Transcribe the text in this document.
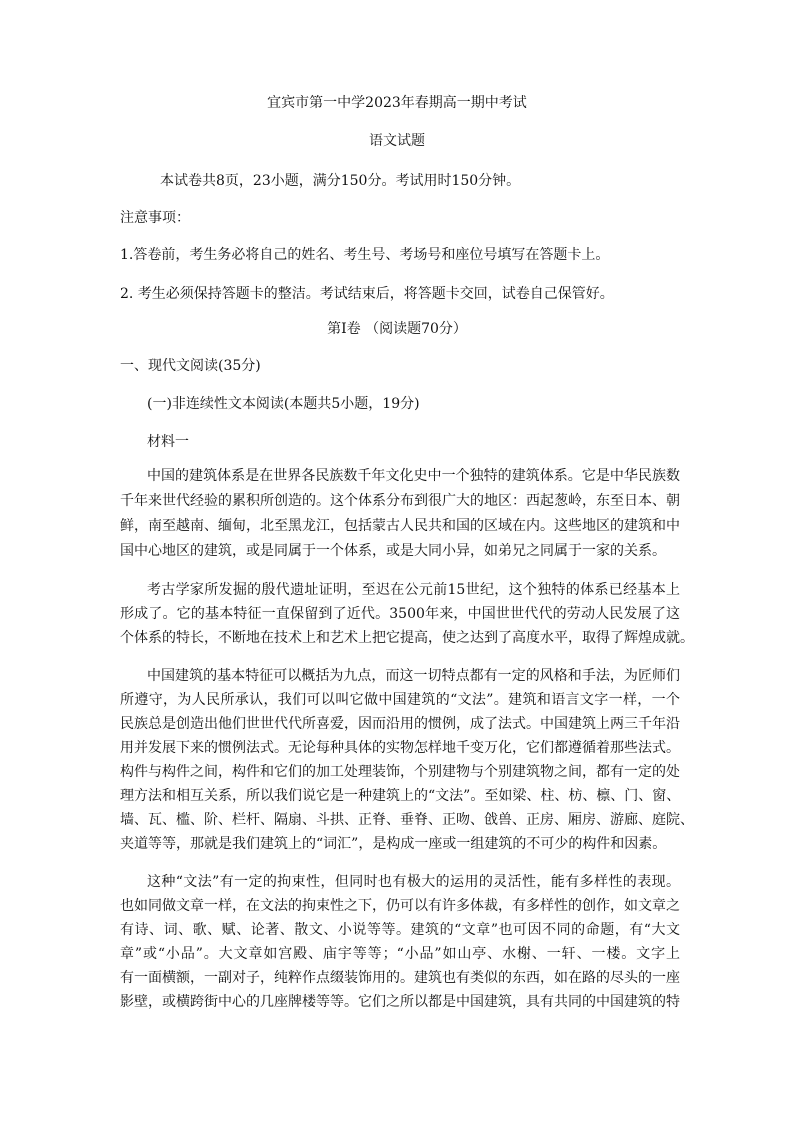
宜宾市第一中学2023年春期高一期中考试
语文试题
本试卷共8页，23小题，满分150分。考试用时150分钟。
注意事项：
1.答卷前，考生务必将自己的姓名、考生号、考场号和座位号填写在答题卡上。
2. 考生必须保持答题卡的整洁。考试结束后，将答题卡交回，试卷自己保管好。
第Ⅰ卷 （阅读题70分）
一、现代文阅读(35分)
(一)非连续性文本阅读(本题共5小题，19分)
材料一
中国的建筑体系是在世界各民族数千年文化史中一个独特的建筑体系。它是中华民族数
千年来世代经验的累积所创造的。这个体系分布到很广大的地区：西起葱岭，东至日本、朝
鲜，南至越南、缅甸，北至黑龙江，包括蒙古人民共和国的区域在内。这些地区的建筑和中
国中心地区的建筑，或是同属于一个体系，或是大同小异，如弟兄之同属于一家的关系。
考古学家所发掘的殷代遗址证明，至迟在公元前15世纪，这个独特的体系已经基本上
形成了。它的基本特征一直保留到了近代。3500年来，中国世世代代的劳动人民发展了这
个体系的特长，不断地在技术上和艺术上把它提高，使之达到了高度水平，取得了辉煌成就。
中国建筑的基本特征可以概括为九点，而这一切特点都有一定的风格和手法，为匠师们
所遵守，为人民所承认，我们可以叫它做中国建筑的“文法”。建筑和语言文字一样，一个
民族总是创造出他们世世代代所喜爱，因而沿用的惯例，成了法式。中国建筑上两三千年沿
用并发展下来的惯例法式。无论每种具体的实物怎样地千变万化，它们都遵循着那些法式。
构件与构件之间，构件和它们的加工处理装饰，个别建物与个别建筑物之间，都有一定的处
理方法和相互关系，所以我们说它是一种建筑上的“文法”。至如梁、柱、枋、檩、门、窗、
墙、瓦、槛、阶、栏杆、隔扇、斗拱、正脊、垂脊、正吻、戗兽、正房、厢房、游廊、庭院、
夹道等等，那就是我们建筑上的“词汇”，是构成一座或一组建筑的不可少的构件和因素。
这种“文法”有一定的拘束性，但同时也有极大的运用的灵活性，能有多样性的表现。
也如同做文章一样，在文法的拘束性之下，仍可以有许多体裁，有多样性的创作，如文章之
有诗、词、歌、赋、论著、散文、小说等等。建筑的“文章”也可因不同的命题，有“大文
章”或“小品”。大文章如宫殿、庙宇等等；“小品”如山亭、水榭、一轩、一楼。文字上
有一面横额，一副对子，纯粹作点缀装饰用的。建筑也有类似的东西，如在路的尽头的一座
影壁，或横跨街中心的几座牌楼等等。它们之所以都是中国建筑，具有共同的中国建筑的特
